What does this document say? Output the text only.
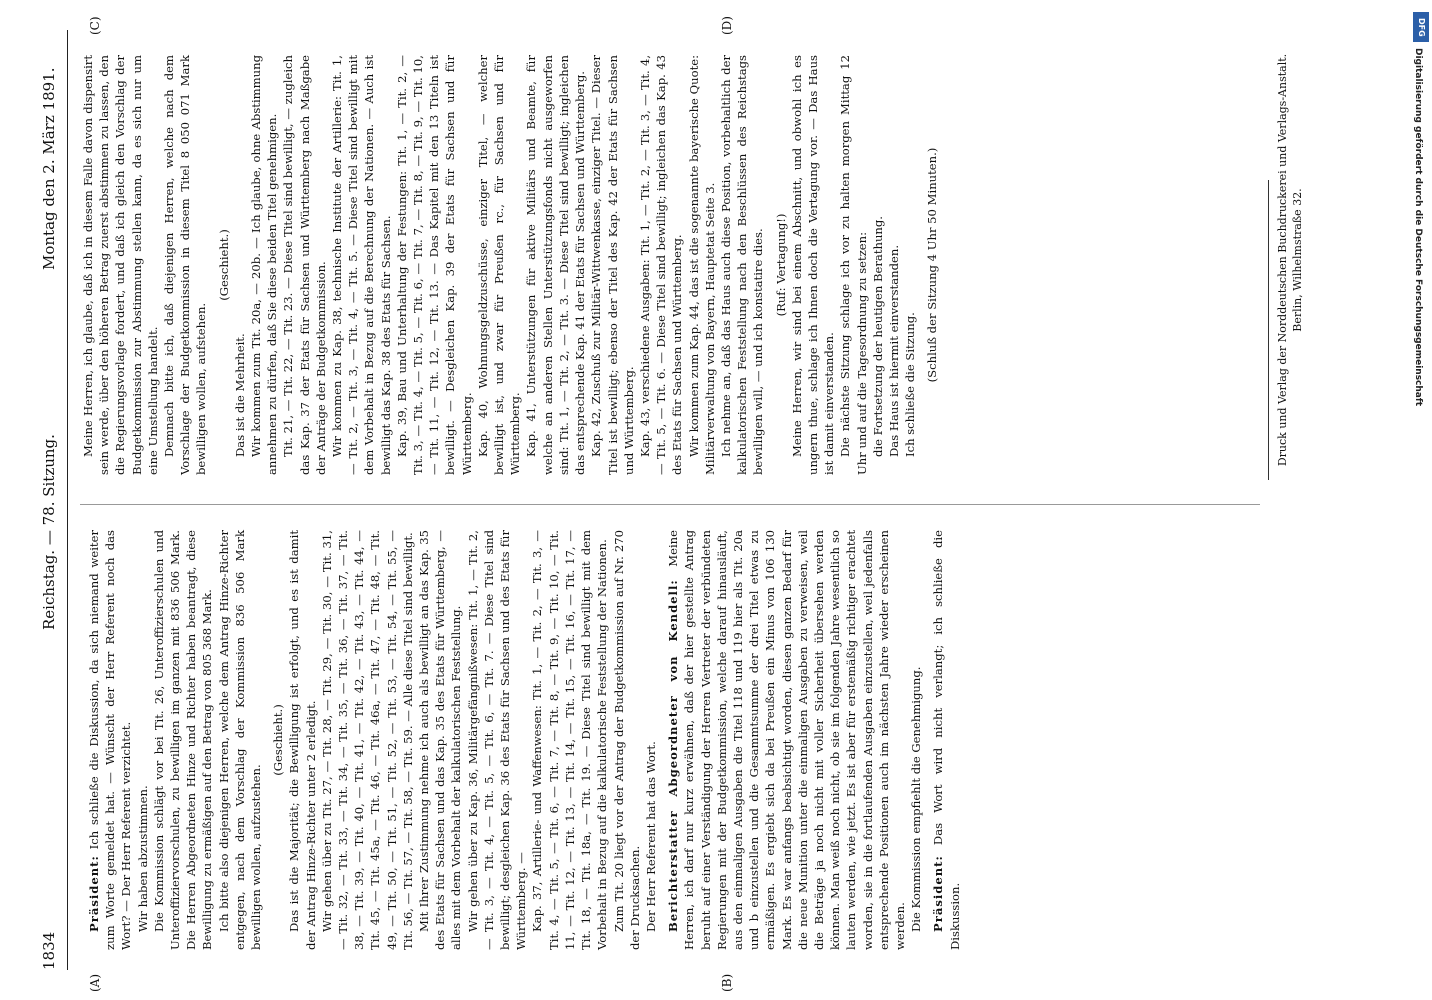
1834
Reichstag. — 78. Sitzung.
Montag den 2. März 1891.
(A)	(B)
(C)	(D)

Präsident: Ich schließe die Diskussion, da sich niemand weiter zum Worte gemeldet hat. — Wünscht der Herr Referent noch das Wort? — Der Herr Referent verzichtet. Wir haben abzustimmen. Die Kommission schlägt vor bei Tit. 26, Unteroffizierschulen und Unteroffiziervorschulen, zu bewilligen im ganzen mit 836 506 Mark. Die Herren Abgeordneten Hinze und Richter haben beantragt, diese Bewilligung zu ermäßigen auf den Betrag von 805 368 Mark. Ich bitte also diejenigen Herren, welche dem Antrag Hinze-Richter entgegen, nach dem Vorschlag der Kommission 836 506 Mark bewilligen wollen, aufzustehen.

(Geschieht.) Das ist die Majorität; die Bewilligung ist erfolgt, und es ist damit der Antrag Hinze-Richter unter 2 erledigt. Wir gehen über zu Tit. 27, — Tit. 28, — Tit. 29, — Tit. 30, — Tit. 31, — Tit. 32, — Tit. 33, — Tit. 34, — Tit. 35, — Tit. 36, — Tit. 37, — Tit. 38, — Tit. 39, — Tit. 40, — Tit. 41, — Tit. 42, — Tit. 43, — Tit. 44, — Tit. 45, — Tit. 45a, — Tit. 46, — Tit. 46a, — Tit. 47, — Tit. 48, — Tit. 49, — Tit. 50, — Tit. 51, — Tit. 52, — Tit. 53, — Tit. 54, — Tit. 55, — Tit. 56, — Tit. 57, — Tit. 58, — Tit. 59. — Alle diese Titel sind bewilligt. Mit Ihrer Zustimmung nehme ich auch als bewilligt an das Kap. 35 des Etats für Sachsen und das Kap. 35 des Etats für Württemberg, — alles mit dem Vorbehalt der kalkulatorischen Feststellung. Wir gehen über zu Kap. 36, Militärgefängnißwesen: Tit. 1, — Tit. 2, — Tit. 3, — Tit. 4, — Tit. 5, — Tit. 6, — Tit. 7. — Diese Titel sind bewilligt; desgleichen Kap. 36 des Etats für Sachsen und des Etats für Württemberg. — Kap. 37, Artillerie- und Waffenwesen: Tit. 1, — Tit. 2, — Tit. 3, — Tit. 4, — Tit. 5, — Tit. 6, — Tit. 7, — Tit. 8, — Tit. 9, — Tit. 10, — Tit. 11, — Tit. 12, — Tit. 13, — Tit. 14, — Tit. 15, — Tit. 16, — Tit. 17, — Tit. 18, — Tit. 18a, — Tit. 19. — Diese Titel sind bewilligt mit dem Vorbehalt in Bezug auf die kalkulatorische Feststellung der Nationen. Zum Tit. 20 liegt vor der Antrag der Budgetkommission auf Nr. 270 der Drucksachen. Der Herr Referent hat das Wort. Berichterstatter Abgeordneter von Kendell: Meine Herren, ich darf nur kurz erwähnen, daß der hier gestellte Antrag beruht auf einer Verständigung der Herren Vertreter der verbündeten Regierungen mit der Budgetkommission, welche darauf hinausläuft, aus den einmaligen Ausgaben die Titel 118 und 119 hier als Tit. 20a und b einzustellen und die Gesammtsumme der drei Titel etwas zu ermäßigen. Es ergiebt sich da bei Preußen ein Minus von 106 130 Mark. Es war anfangs beabsichtigt worden, diesen ganzen Bedarf für die neue Munition unter die einmaligen Ausgaben zu verweisen, weil die Beträge ja noch nicht mit voller Sicherheit übersehen werden können. Man weiß noch nicht, ob sie im folgenden Jahre wesentlich so lauten werden, wie jetzt. Es ist aber für erstemäßig richtiger erachtet worden, sie in die fortlaufenden Ausgaben einzustellen, weil jedenfalls entsprechende Positionen auch im nächsten Jahre wieder erscheinen werden. Die Kommission empfiehlt die Genehmigung. Präsident: Das Wort wird nicht verlangt; ich schließe die Diskussion.

Meine Herren, ich glaube, daß ich in diesem Falle davon dispensirt sein werde, über den höheren Betrag zuerst abstimmen zu lassen, den die Regierungsvorlage fordert, und daß ich gleich den Vorschlag der Budgetkommission zur Abstimmung stellen kann, da es sich nur um eine Umstellung handelt. Demnach bitte ich, daß diejenigen Herren, welche nach dem Vorschlage der Budgetkommission in diesem Titel 8 050 071 Mark bewilligen wollen, aufstehen.

(Geschieht.)

Das ist die Mehrheit. Wir kommen zum Tit. 20a, — 20b. — Ich glaube, ohne Abstimmung annehmen zu dürfen, daß Sie diese beiden Titel genehmigen. Tit. 21, — Tit. 22, — Tit. 23. — Diese Titel sind bewilligt, — zugleich das Kap. 37 der Etats für Sachsen und Württemberg nach Maßgabe der Anträge der Budgetkommission. Wir kommen zu Kap. 38, technische Institute der Artillerie: Tit. 1, — Tit. 2, — Tit. 3, — Tit. 4, — Tit. 5. — Diese Titel sind bewilligt mit dem Vorbehalt in Bezug auf die Berechnung der Nationen. — Auch ist bewilligt das Kap. 38 des Etats für Sachsen. Kap. 39, Bau und Unterhaltung der Festungen: Tit. 1, — Tit. 2, — Tit. 3, — Tit. 4, — Tit. 5, — Tit. 6, — Tit. 7, — Tit. 8, — Tit. 9, — Tit. 10, — Tit. 11, — Tit. 12, — Tit. 13. — Das Kapitel mit den 13 Titeln ist bewilligt. — Desgleichen Kap. 39 der Etats für Sachsen und für Württemberg. Kap. 40, Wohnungsgeldzuschüsse, einziger Titel, — welcher bewilligt ist, und zwar für Preußen rc., für Sachsen und für Württemberg. Kap. 41, Unterstützungen für aktive Militärs und Beamte, für welche an anderen Stellen Unterstützungsfonds nicht ausgeworfen sind: Tit. 1, — Tit. 2, — Tit. 3. — Diese Titel sind bewilligt; ingleichen das entsprechende Kap. 41 der Etats für Sachsen und Württemberg. Kap. 42, Zuschuß zur Militär-Wittwenkasse, einziger Titel. — Dieser Titel ist bewilligt; ebenso der Titel des Kap. 42 der Etats für Sachsen und Württemberg. Kap. 43, verschiedene Ausgaben: Tit. 1, — Tit. 2, — Tit. 3, — Tit. 4, — Tit. 5, — Tit. 6. — Diese Titel sind bewilligt; ingleichen das Kap. 43 des Etats für Sachsen und Württemberg. Wir kommen zum Kap. 44, das ist die sogenannte bayerische Quote: Militärverwaltung von Bayern, Hauptetat Seite 3. Ich nehme an, daß das Haus auch diese Position, vorbehaltlich der kalkulatorischen Feststellung nach den Beschlüssen des Reichstags bewilligen will, — und ich konstatire dies. (Ruf: Vertagung!) Meine Herren, wir sind bei einem Abschnitt, und obwohl ich es ungern thue, schlage ich Ihnen doch die Vertagung vor. — Das Haus ist damit einverstanden. Die nächste Sitzung schlage ich vor zu halten morgen Mittag 12 Uhr und auf die Tagesordnung zu setzen: die Fortsetzung der heutigen Berathung. Das Haus ist hiermit einverstanden. Ich schließe die Sitzung.

(Schluß der Sitzung 4 Uhr 50 Minuten.)	Druck und Verlag der Norddeutschen Buchdruckerei und Verlags-Anstalt. Berlin, Wilhelmstraße 32.
DFG
Digitalisierung gefördert durch die Deutsche Forschungsgemeinschaft
